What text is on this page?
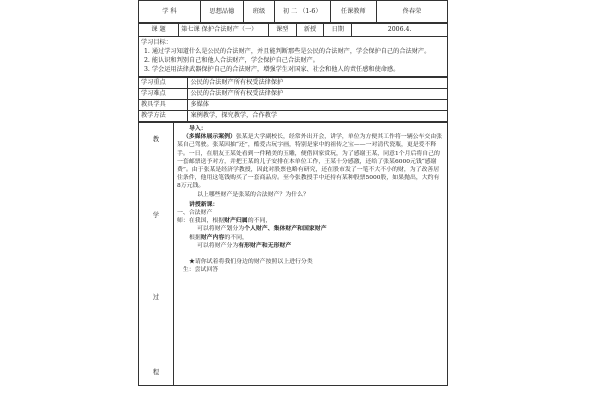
学 科	思想品德	班级	初 二 （1-6）	任课教师	佟春荣
课 题	第七课 保护合法财产（一）	课型	新授	日期	2006.4.

学习目标：

1. 通过学习知道什么是公民的合法财产，并且能判断那些是公民的合法财产，学会保护自己的合法财产。

2. 能认识和判别自己和他人合法财产，学会保护自己合法财产。

3. 学会运用法律武器保护自己的合法财产，增强学生对国家、社会和他人的责任感和使命感。

学习重点	公民的合法财产所有权受法律保护
学习难点	公民的合法财产所有权受法律保护
教具学具	多媒体
教学方法	案例教学，探究教学，合作教学
教
学
过
程

导入：

（多媒体展示案例）张某是大学副校长，经常外出开会，讲学，单位为方便其工作将一辆公车交由张某自己驾驶。张某因抽“还”，酷爱古玩字画，特别是家中的祖传之宝——一对清代瓷瓶，更是爱不释手。一日，在朋友王某处看到一件精美的玉雕，便借回家赏玩，为了感谢王某，同意1个月后将自己的一套邮票送予对方，并把王某的儿子安排在本单位工作，王某十分感激，还给了张某6000元钱“感谢费”。由于张某是经济学教授，因此对股票也略有研究，还在股市发了一笔不大不小的财，为了改善居住条件，他用这笔钱购买了一套商品房。至今张教授手中还持有某种股票5000股，如果抛出，大约有8万元钱。

以上哪些财产是张某的合法财产？为什么？

讲授新课：

一、合法财产

师：在我国，根据财产归属的不同，

可以将财产划分为个人财产、集体财产和国家财产

根据财产内容的不同，

可以将财产分为有形财产和无形财产

★请你试着将我们身边的财产按照以上进行分类

生：尝试回答
